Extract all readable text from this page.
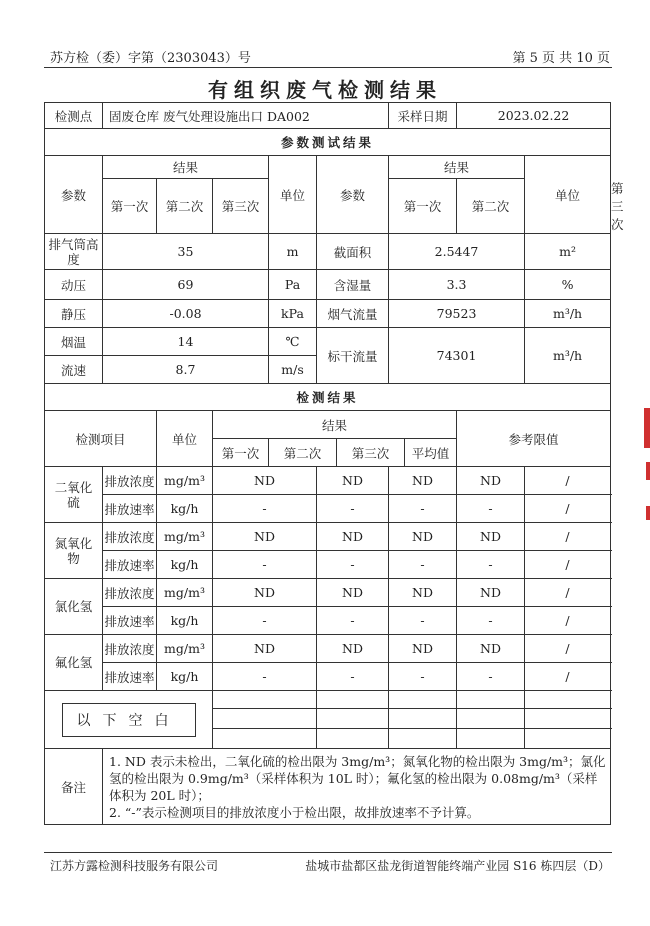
苏方检（委）字第（2303043）号	第 5 页 共 10 页
有组织废气检测结果
检测点	固废仓库 废气处理设施出口 DA002						采样日期		2023.02.22		
参数测试结果											
参数	结果			单位	参数		结果			单位	
	第一次	第二次	第三次				第一次		第二次		第三次
排气筒高度	35			m	截面积		2.5447			m²	
动压	69			Pa	含湿量		3.3			%	
静压	-0.08			kPa	烟气流量		79523			m³/h	
烟温	14			℃	标干流量		74301			m³/h	
流速	8.7			m/s							
检测结果											
检测项目		单位	结果						参考限值		
			第一次	第二次		第三次		平均值			
二氧化硫	排放浓度	mg/m³	ND		ND		ND		ND	/	
	排放速率	kg/h	-		-		-		-	/	
氮氧化物	排放浓度	mg/m³	ND		ND		ND		ND	/	
	排放速率	kg/h	-		-		-		-	/	
氯化氢	排放浓度	mg/m³	ND		ND		ND		ND	/	
	排放速率	kg/h	-		-		-		-	/	
氟化氢	排放浓度	mg/m³	ND		ND		ND		ND	/	
	排放速率	kg/h	-		-		-		-	/	
以下空白											

备注	1. ND 表示未检出，二氧化硫的检出限为 3mg/m³；氮氧化物的检出限为 3mg/m³；氯化氢的检出限为 0.9mg/m³（采样体积为 10L 时）；氟化氢的检出限为 0.08mg/m³（采样体积为 20L 时）；
2. “-”表示检测项目的排放浓度小于检出限，故排放速率不予计算。										
江苏方露检测科技服务有限公司	盐城市盐都区盐龙街道智能终端产业园 S16 栋四层（D）
